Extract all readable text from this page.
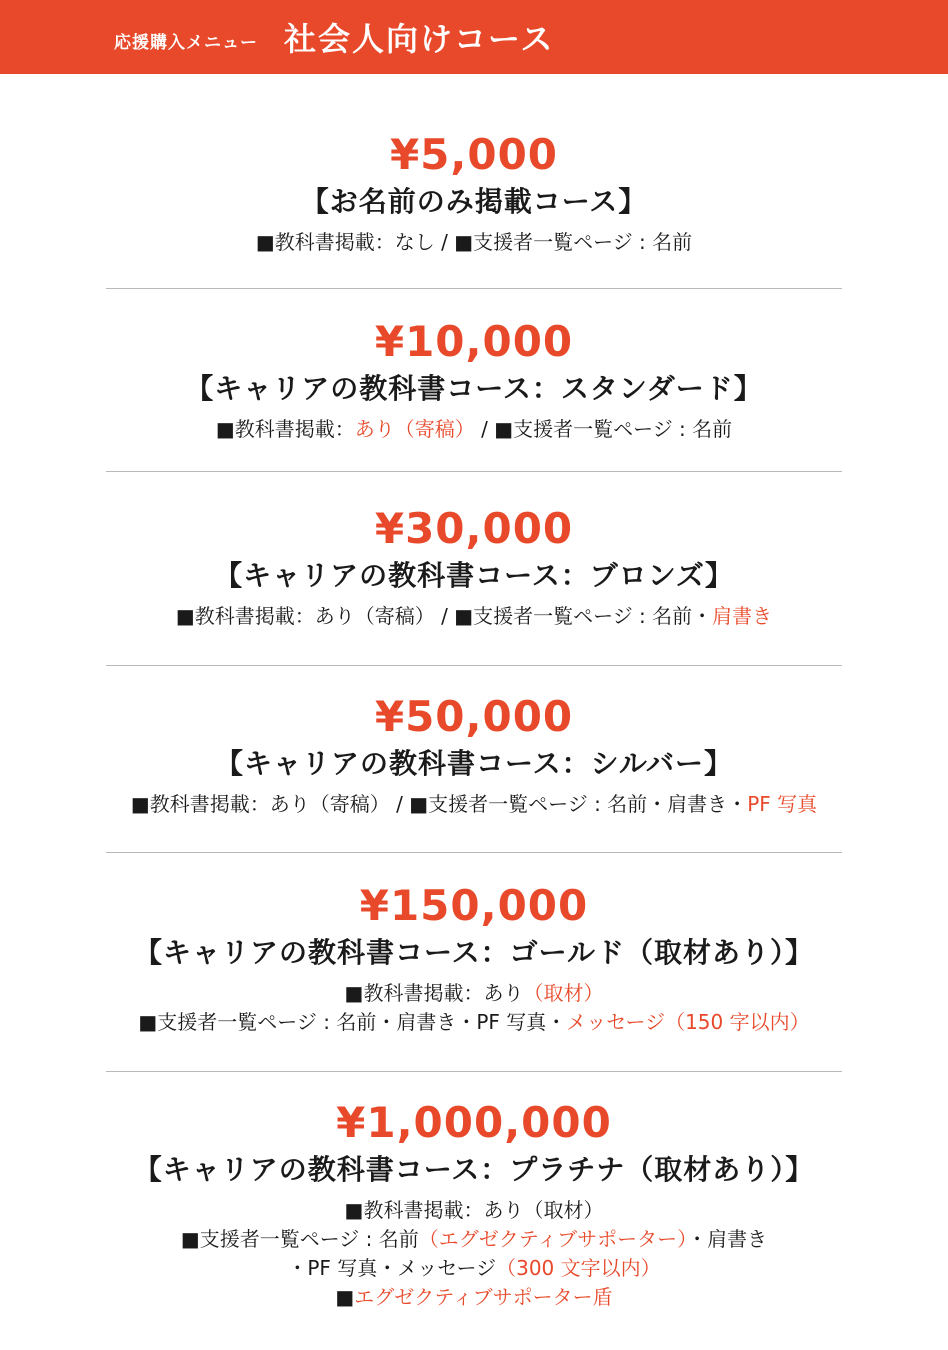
応援購入メニュー 社会人向けコース
¥5,000
【お名前のみ掲載コース】
■教科書掲載：なし / ■支援者一覧ページ : 名前
¥10,000
【キャリアの教科書コース：スタンダード】
■教科書掲載：あり（寄稿） / ■支援者一覧ページ : 名前
¥30,000
【キャリアの教科書コース：ブロンズ】
■教科書掲載：あり（寄稿） / ■支援者一覧ページ : 名前・肩書き
¥50,000
【キャリアの教科書コース：シルバー】
■教科書掲載：あり（寄稿） / ■支援者一覧ページ : 名前・肩書き・PF 写真
¥150,000
【キャリアの教科書コース：ゴールド（取材あり）】
■教科書掲載：あり（取材）
■支援者一覧ページ : 名前・肩書き・PF 写真・メッセージ（150 字以内）
¥1,000,000
【キャリアの教科書コース：プラチナ（取材あり）】
■教科書掲載：あり（取材）
■支援者一覧ページ : 名前（エグゼクティブサポーター）・肩書き
・PF 写真・メッセージ（300 文字以内）
■エグゼクティブサポーター盾
